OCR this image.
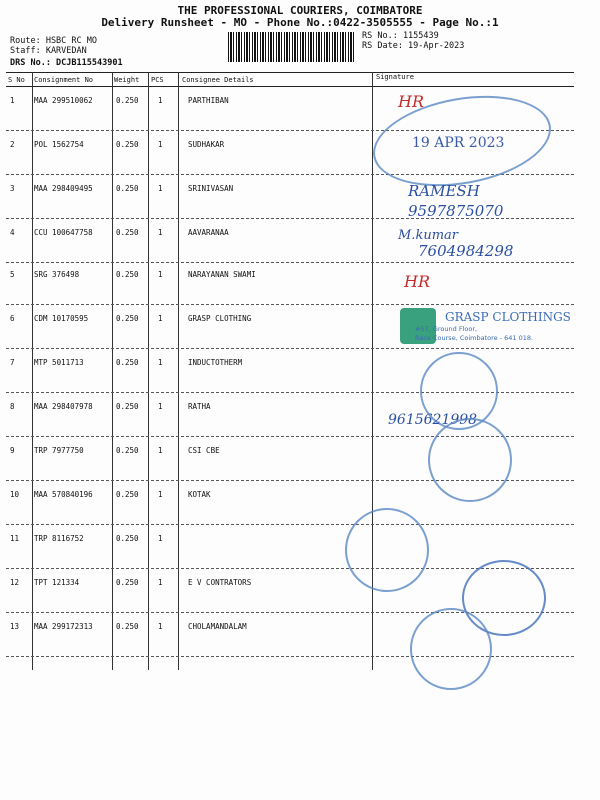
THE PROFESSIONAL COURIERS, COIMBATORE
Delivery Runsheet - MO - Phone No.:0422-3505555 - Page No.:1
Route: HSBC RC MO
Staff: KARVEDAN
DRS No.: DCJB115543901
RS No.: 1155439
RS Date: 19-Apr-2023
S No Consignment No	Weight PCS	Consignee Details	Signature
1	MAA 299510062	0.250	1	PARTHIBAN
2	POL 1562754	0.250	1	SUDHAKAR
3	MAA 298409495	0.250	1	SRINIVASAN
4	CCU 100647758	0.250	1	AAVARANAA
5	SRG 376498	0.250	1	NARAYANAN SWAMI
6	CDM 10170595	0.250	1	GRASP CLOTHING
7	MTP 5011713	0.250	1	INDUCTOTHERM
8	MAA 298407978	0.250	1	RATHA
9	TRP 7977750	0.250	1	CSI CBE
10 MAA 570840196	0.250	1	KOTAK
11 TRP 8116752	0.250	1
12 TPT 121334	0.250	1	E V CONTRATORS
13 MAA 299172313	0.250	1	CHOLAMANDALAM
19 APR 2023
HR
HR
RAMESH
9597875070
M.kumar
7604984298
GRASP CLOTHINGS
#57, Ground Floor,
Race Course, Coimbatore - 641 018.
9615621998
